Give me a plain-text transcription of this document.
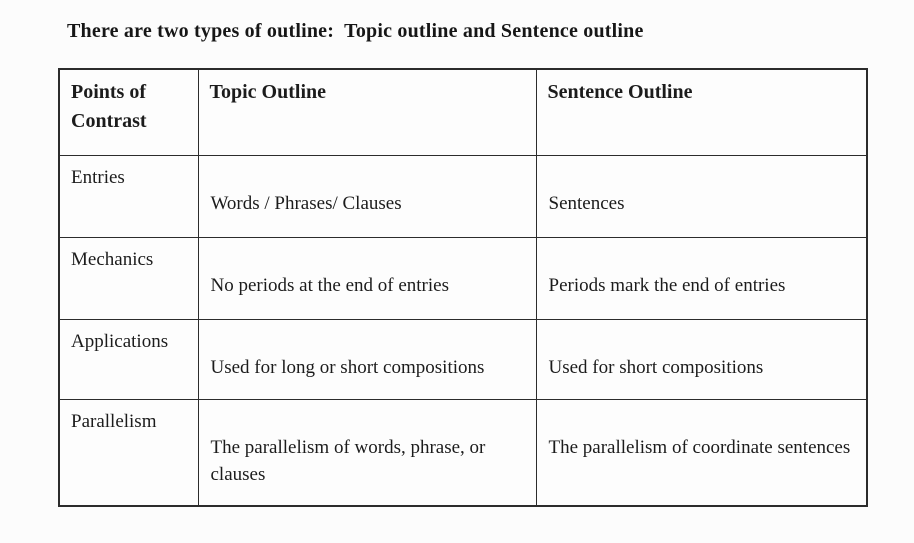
There are two types of outline:  Topic outline and Sentence outline
Points of Contrast	Topic Outline	Sentence Outline
Entries	Words / Phrases/ Clauses	Sentences
Mechanics	No periods at the end of entries	Periods mark the end of entries
Applications	Used for long or short compositions	Used for short compositions
Parallelism	The parallelism of words, phrase, or clauses	The parallelism of coordinate sentences
